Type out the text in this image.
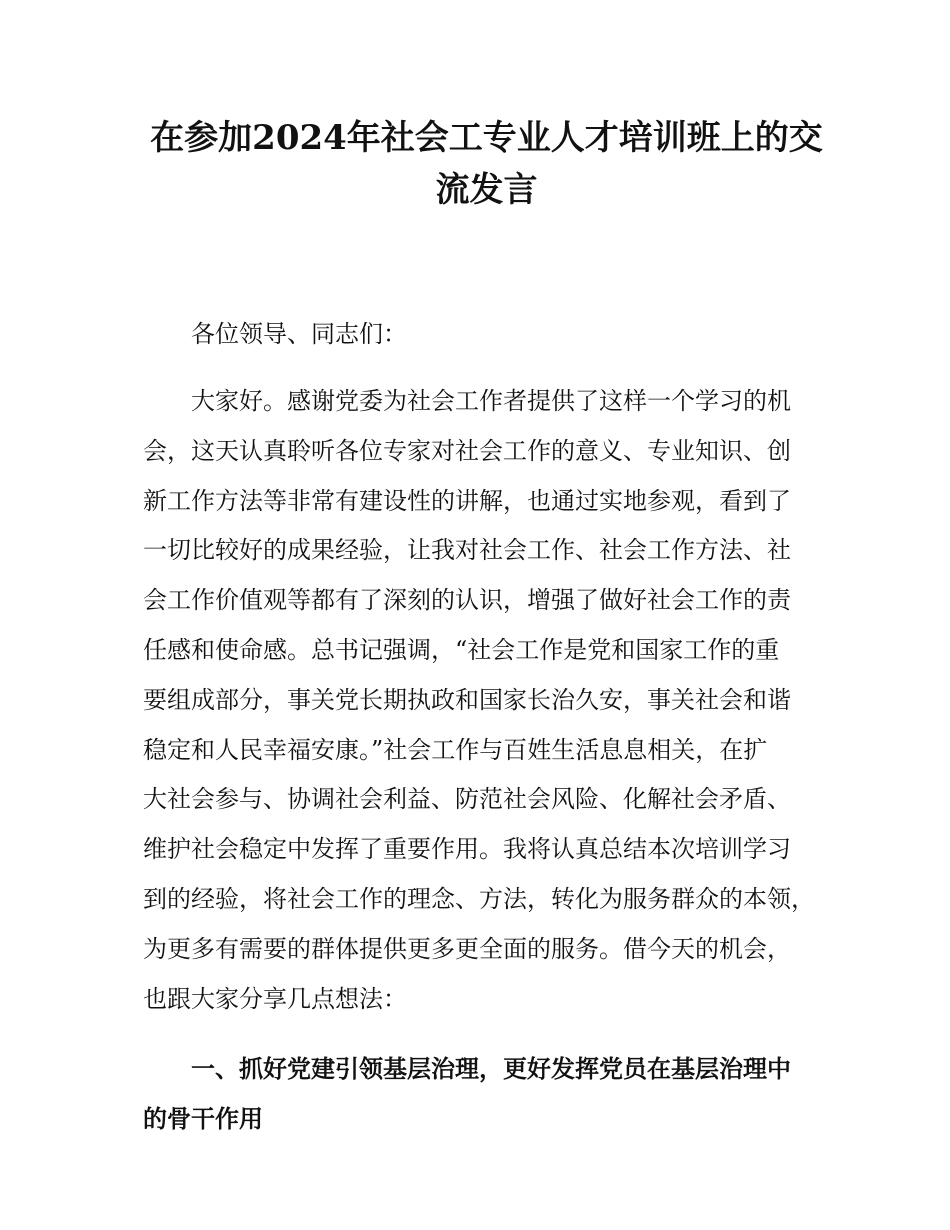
在参加2024年社会工专业人才培训班上的交
流发言

各位领导、同志们：

大家好。感谢党委为社会工作者提供了这样一个学习的机
会，这天认真聆听各位专家对社会工作的意义、专业知识、创
新工作方法等非常有建设性的讲解，也通过实地参观，看到了
一切比较好的成果经验，让我对社会工作、社会工作方法、社
会工作价值观等都有了深刻的认识，增强了做好社会工作的责
任感和使命感。总书记强调，“社会工作是党和国家工作的重
要组成部分，事关党长期执政和国家长治久安，事关社会和谐
稳定和人民幸福安康。”社会工作与百姓生活息息相关，在扩
大社会参与、协调社会利益、防范社会风险、化解社会矛盾、
维护社会稳定中发挥了重要作用。我将认真总结本次培训学习
到的经验，将社会工作的理念、方法，转化为服务群众的本领，
为更多有需要的群体提供更多更全面的服务。借今天的机会，
也跟大家分享几点想法：

一、抓好党建引领基层治理，更好发挥党员在基层治理中
的骨干作用
